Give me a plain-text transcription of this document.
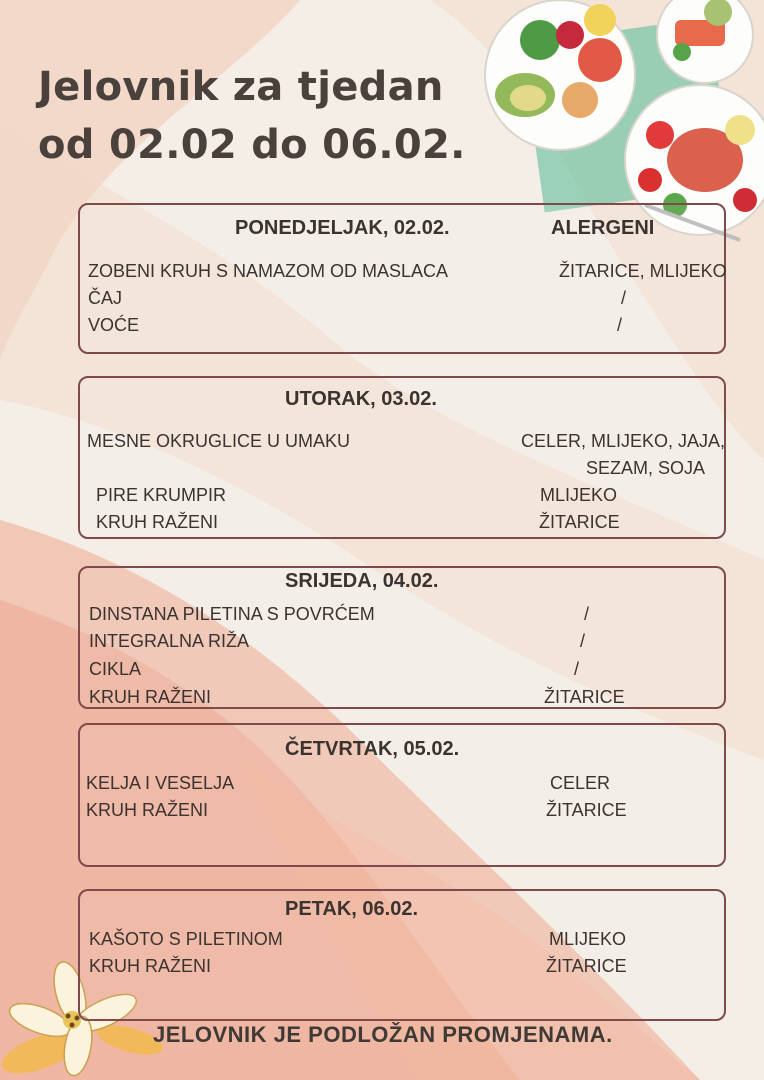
Jelovnik za tjedan
od 02.02 do 06.02.
PONEDJELJAK, 02.02.	ALERGENI
ZOBENI KRUH S NAMAZOM OD MASLACA	ŽITARICE, MLIJEKO
ČAJ	/
VOĆE	/
UTORAK, 03.02.
MESNE OKRUGLICE U UMAKU	CELER, MLIJEKO, JAJA,
SEZAM, SOJA
PIRE KRUMPIR	MLIJEKO
KRUH RAŽENI	ŽITARICE
SRIJEDA, 04.02.
DINSTANA PILETINA S POVRĆEM	/
INTEGRALNA RIŽA	/
CIKLA	/
KRUH RAŽENI	ŽITARICE
ČETVRTAK, 05.02.
KELJA I VESELJA	CELER
KRUH RAŽENI	ŽITARICE
PETAK, 06.02.
KAŠOTO S PILETINOM	MLIJEKO
KRUH RAŽENI	ŽITARICE
JELOVNIK JE PODLOŽAN PROMJENAMA.
